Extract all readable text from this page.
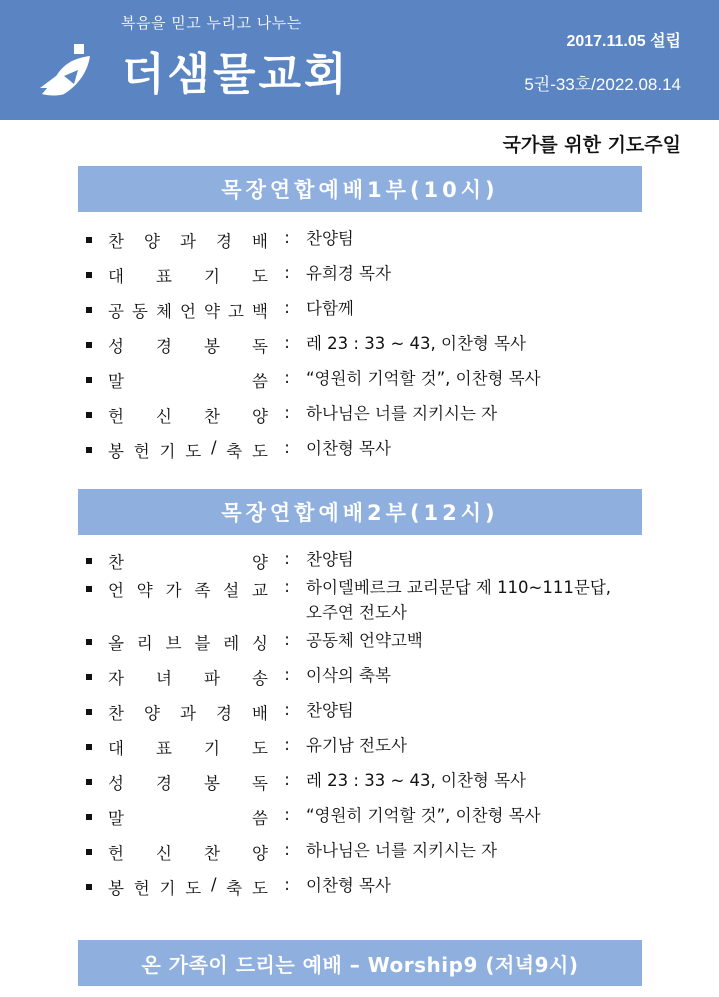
복음을 믿고 누리고 나누는
더샘물교회
2017.11.05 설립
5권-33호/2022.08.14
국가를 위한 기도주일
목장연합예배1부(10시)
찬 양 과 경 배 : 찬양팀
대 표 기 도 : 유희경 목자
공 동 체 언 약 고 백 : 다함께
성 경 봉 독 : 레 23 : 33 ~ 43, 이찬형 목사
말	씀 : “영원히 기억할 것”, 이찬형 목사
헌 신 찬 양 : 하나님은 너를 지키시는 자
봉 헌 기 도 / 축 도 : 이찬형 목사
목장연합예배2부(12시)
찬	양 : 찬양팀
언 약 가 족 설 교 : 하이델베르크 교리문답 제 110~111문답,
오주연 전도사
올 리 브 블 레 싱 : 공동체 언약고백
자 녀 파 송 : 이삭의 축복
찬 양 과 경 배 : 찬양팀
대 표 기 도 : 유기남 전도사
성 경 봉 독 : 레 23 : 33 ~ 43, 이찬형 목사
말	씀 : “영원히 기억할 것”, 이찬형 목사
헌 신 찬 양 : 하나님은 너를 지키시는 자
봉 헌 기 도 / 축 도 : 이찬형 목사
온 가족이 드리는 예배 – Worship9 (저녁9시)
